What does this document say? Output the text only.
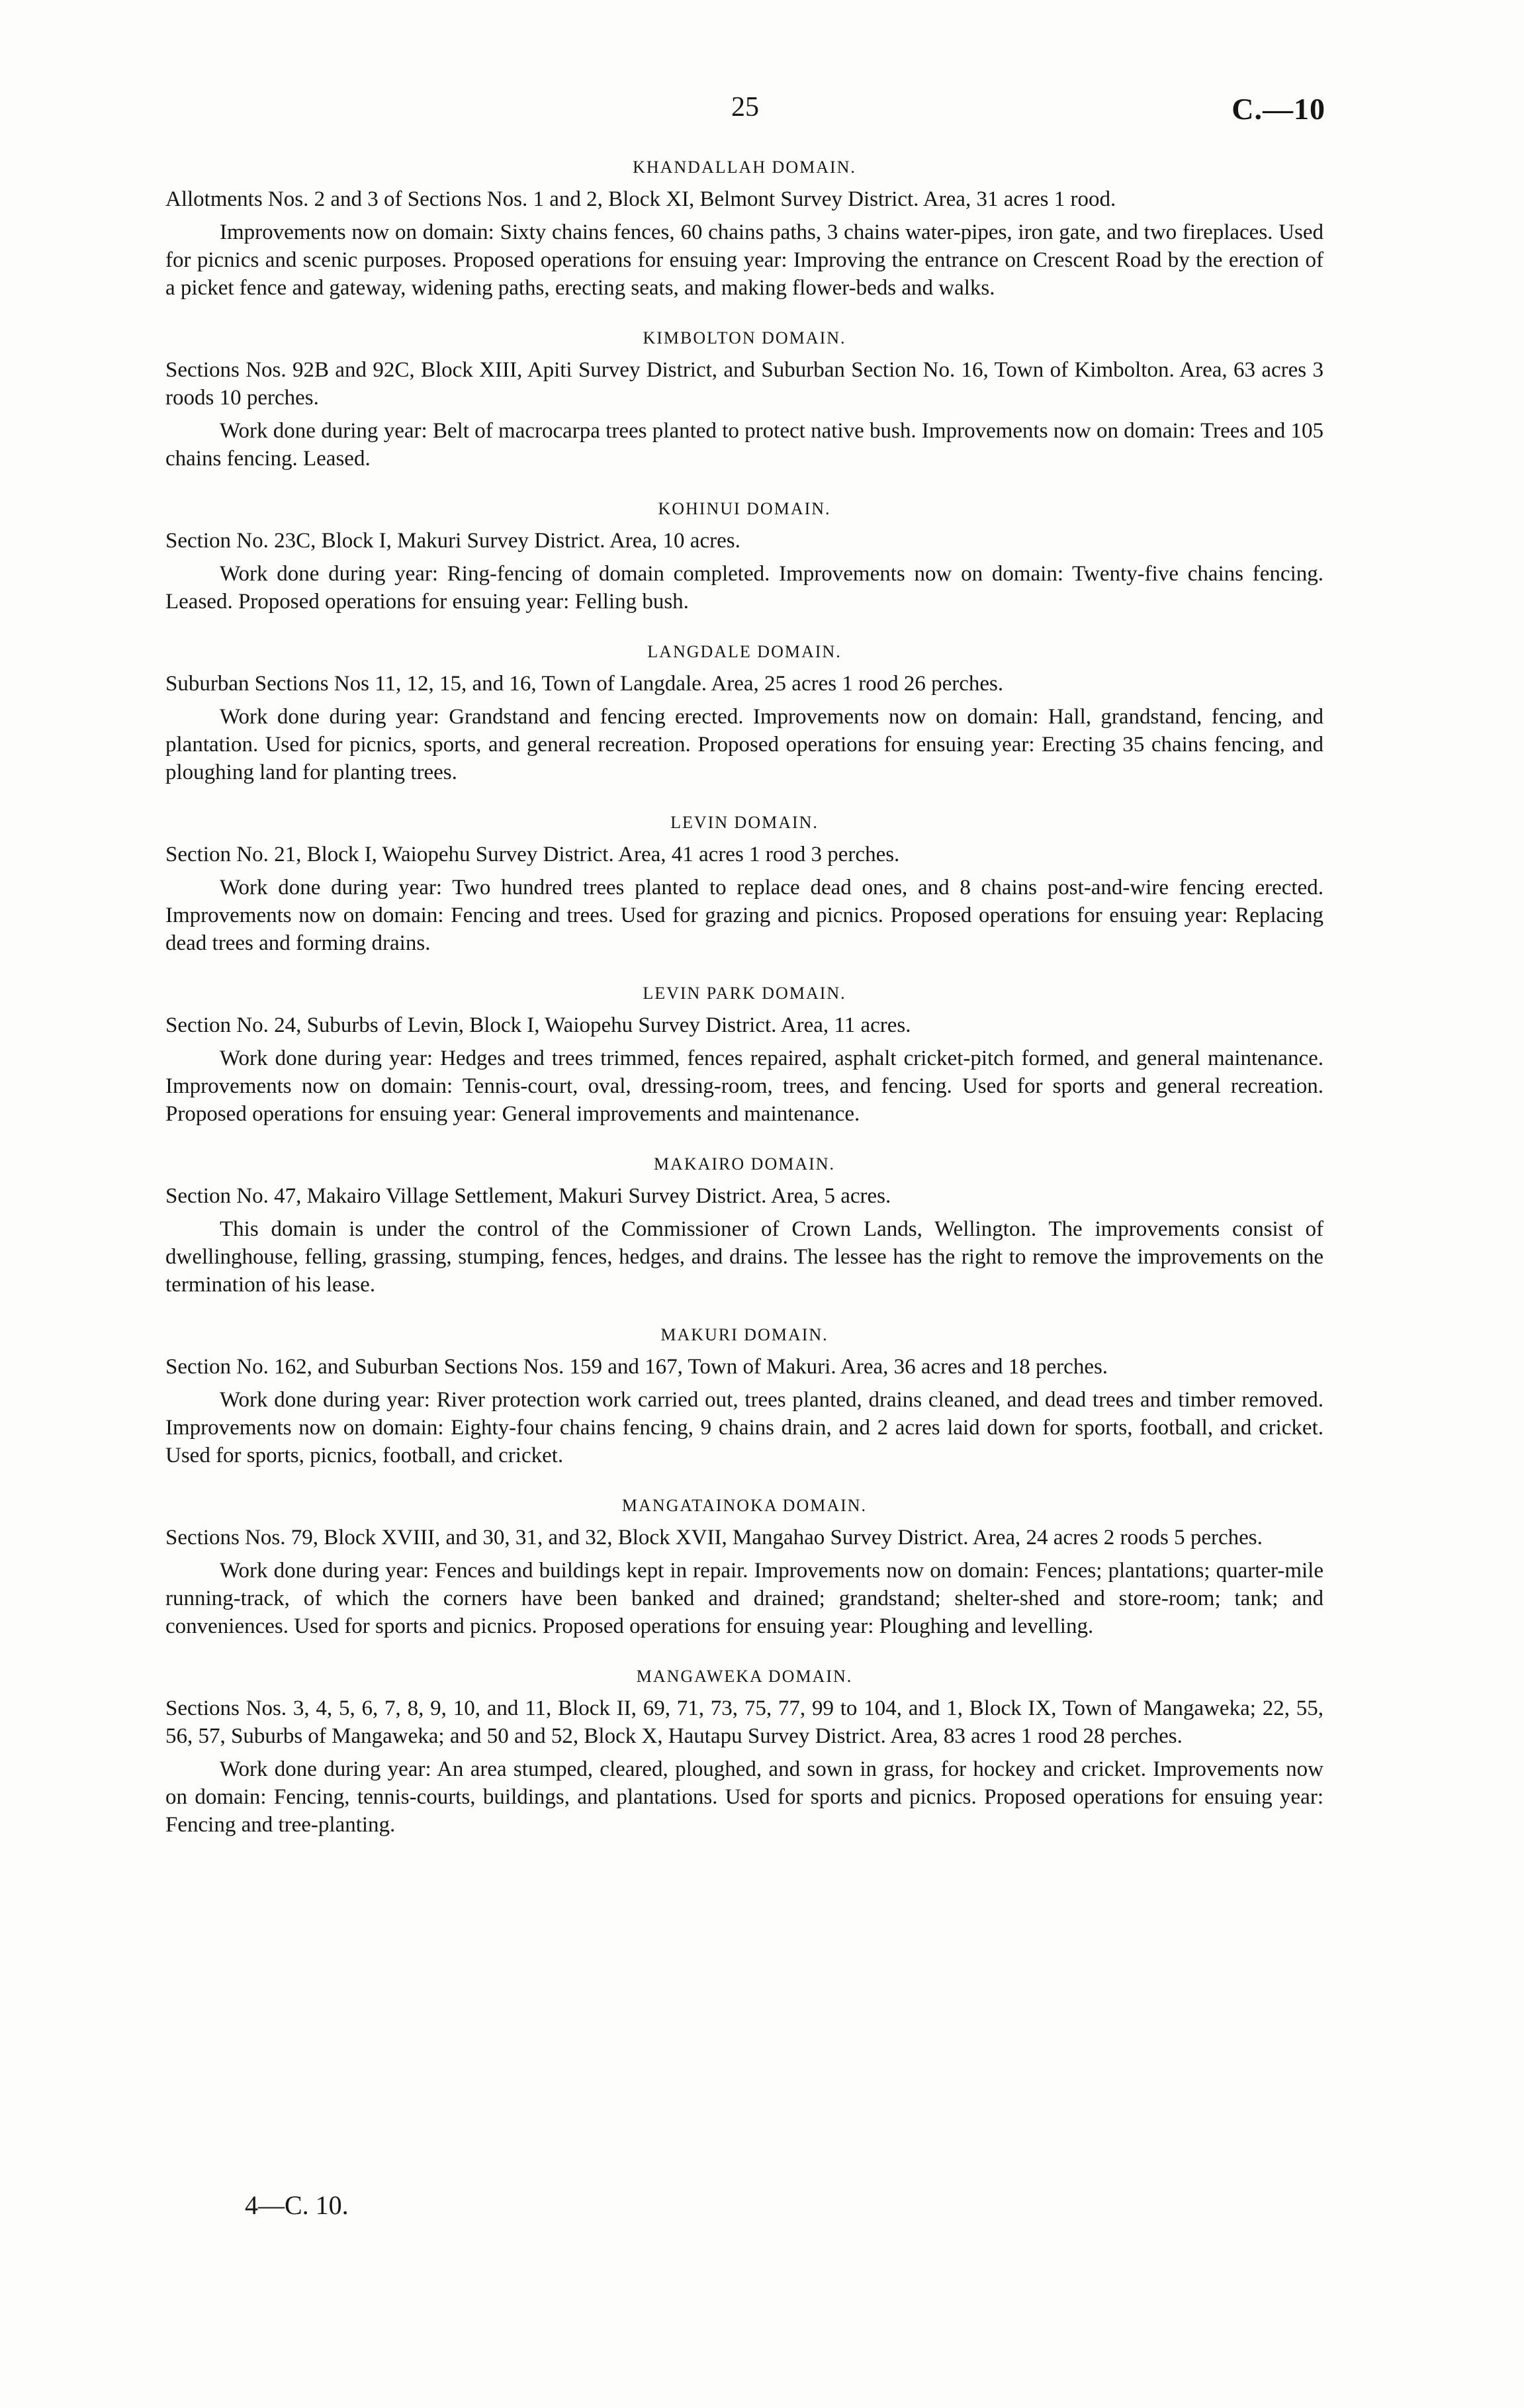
25	C.—10
KHANDALLAH DOMAIN.
Allotments Nos. 2 and 3 of Sections Nos. 1 and 2, Block XI, Belmont Survey District. Area, 31 acres 1 rood.
Improvements now on domain: Sixty chains fences, 60 chains paths, 3 chains water-pipes, iron gate, and two fireplaces. Used for picnics and scenic purposes. Proposed operations for ensuing year: Improving the entrance on Crescent Road by the erection of a picket fence and gateway, widening paths, erecting seats, and making flower-beds and walks.
KIMBOLTON DOMAIN.
Sections Nos. 92B and 92C, Block XIII, Apiti Survey District, and Suburban Section No. 16, Town of Kimbolton. Area, 63 acres 3 roods 10 perches.
Work done during year: Belt of macrocarpa trees planted to protect native bush. Improvements now on domain: Trees and 105 chains fencing. Leased.
KOHINUI DOMAIN.
Section No. 23C, Block I, Makuri Survey District. Area, 10 acres.
Work done during year: Ring-fencing of domain completed. Improvements now on domain: Twenty-five chains fencing. Leased. Proposed operations for ensuing year: Felling bush.
LANGDALE DOMAIN.
Suburban Sections Nos 11, 12, 15, and 16, Town of Langdale. Area, 25 acres 1 rood 26 perches.
Work done during year: Grandstand and fencing erected. Improvements now on domain: Hall, grandstand, fencing, and plantation. Used for picnics, sports, and general recreation. Proposed operations for ensuing year: Erecting 35 chains fencing, and ploughing land for planting trees.
LEVIN DOMAIN.
Section No. 21, Block I, Waiopehu Survey District. Area, 41 acres 1 rood 3 perches.
Work done during year: Two hundred trees planted to replace dead ones, and 8 chains post-and-wire fencing erected. Improvements now on domain: Fencing and trees. Used for grazing and picnics. Proposed operations for ensuing year: Replacing dead trees and forming drains.
LEVIN PARK DOMAIN.
Section No. 24, Suburbs of Levin, Block I, Waiopehu Survey District. Area, 11 acres.
Work done during year: Hedges and trees trimmed, fences repaired, asphalt cricket-pitch formed, and general maintenance. Improvements now on domain: Tennis-court, oval, dressing-room, trees, and fencing. Used for sports and general recreation. Proposed operations for ensuing year: General improvements and maintenance.
MAKAIRO DOMAIN.
Section No. 47, Makairo Village Settlement, Makuri Survey District. Area, 5 acres.
This domain is under the control of the Commissioner of Crown Lands, Wellington. The improvements consist of dwellinghouse, felling, grassing, stumping, fences, hedges, and drains. The lessee has the right to remove the improvements on the termination of his lease.
MAKURI DOMAIN.
Section No. 162, and Suburban Sections Nos. 159 and 167, Town of Makuri. Area, 36 acres and 18 perches.
Work done during year: River protection work carried out, trees planted, drains cleaned, and dead trees and timber removed. Improvements now on domain: Eighty-four chains fencing, 9 chains drain, and 2 acres laid down for sports, football, and cricket. Used for sports, picnics, football, and cricket.
MANGATAINOKA DOMAIN.
Sections Nos. 79, Block XVIII, and 30, 31, and 32, Block XVII, Mangahao Survey District. Area, 24 acres 2 roods 5 perches.
Work done during year: Fences and buildings kept in repair. Improvements now on domain: Fences; plantations; quarter-mile running-track, of which the corners have been banked and drained; grandstand; shelter-shed and store-room; tank; and conveniences. Used for sports and picnics. Proposed operations for ensuing year: Ploughing and levelling.
MANGAWEKA DOMAIN.
Sections Nos. 3, 4, 5, 6, 7, 8, 9, 10, and 11, Block II, 69, 71, 73, 75, 77, 99 to 104, and 1, Block IX, Town of Mangaweka; 22, 55, 56, 57, Suburbs of Mangaweka; and 50 and 52, Block X, Hautapu Survey District. Area, 83 acres 1 rood 28 perches.
Work done during year: An area stumped, cleared, ploughed, and sown in grass, for hockey and cricket. Improvements now on domain: Fencing, tennis-courts, buildings, and plantations. Used for sports and picnics. Proposed operations for ensuing year: Fencing and tree-planting.
4—C. 10.
